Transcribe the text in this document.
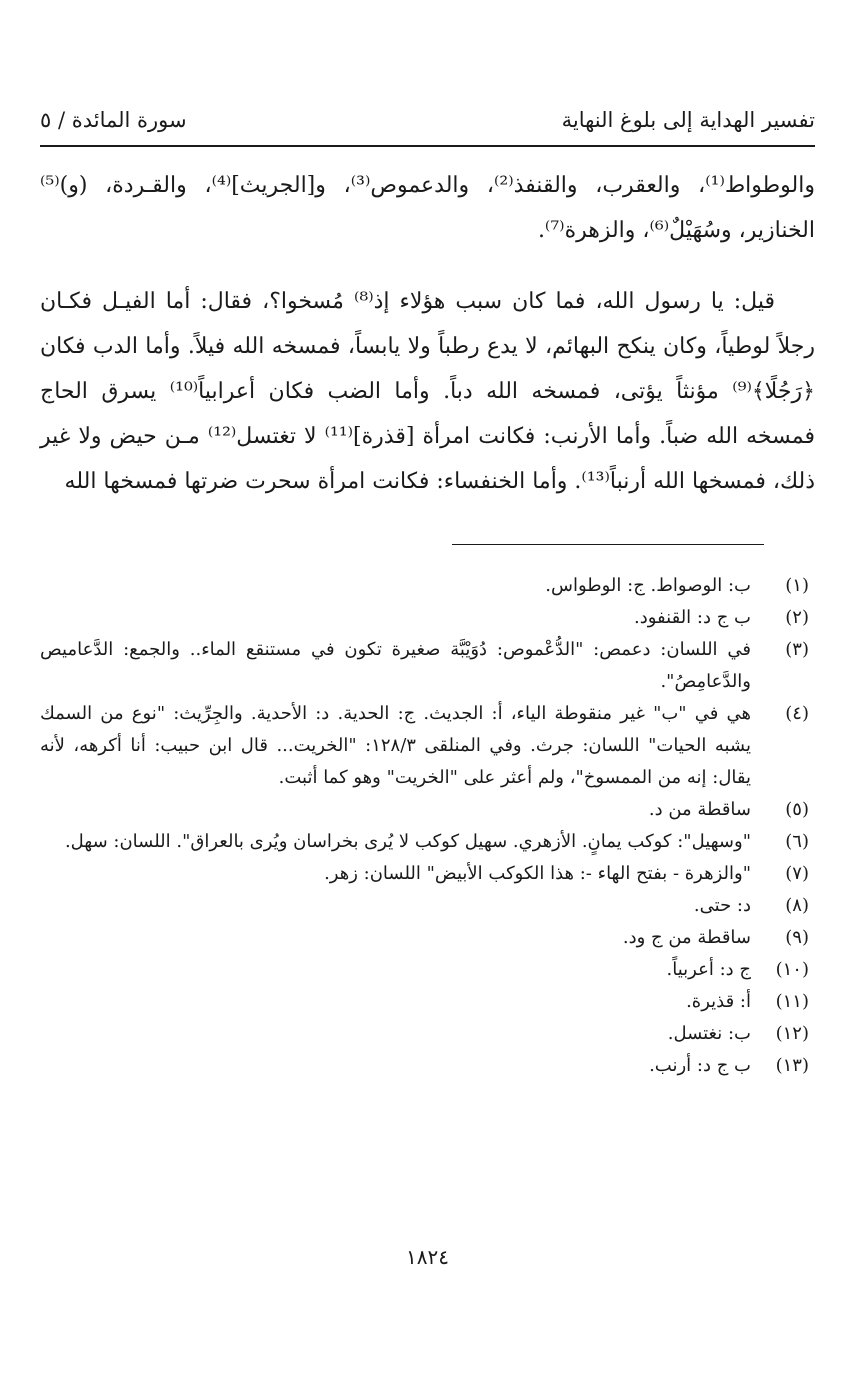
تفسير الهداية إلى بلوغ النهاية
سورة المائدة / ٥

والوطواط⁽¹⁾، والعقرب، والقنفذ⁽²⁾، والدعموص⁽³⁾، و[الجريث]⁽⁴⁾، والقـردة، (و)⁽⁵⁾ الخنازير، وسُهَيْلٌ⁽⁶⁾، والزهرة⁽⁷⁾.

قيل: يا رسول الله، فما كان سبب هؤلاء إذ⁽⁸⁾ مُسخوا؟، فقال: أما الفيـل فكـان رجلاً لوطياً، وكان ينكح البهائم، لا يدع رطباً ولا يابساً، فمسخه الله فيلاً. وأما الدب فكان ﴿رَجُلًا﴾⁽⁹⁾ مؤنثاً يؤتى، فمسخه الله دباً. وأما الضب فكان أعرابياً⁽¹⁰⁾ يسرق الحاج فمسخه الله ضباً. وأما الأرنب: فكانت امرأة [قذرة]⁽¹¹⁾ لا تغتسل⁽¹²⁾ مـن حيض ولا غير ذلك، فمسخها الله أرنباً⁽¹³⁾. وأما الخنفساء: فكانت امرأة سحرت ضرتها فمسخها الله

(١)
ب: الوصواط. ج: الوطواس.
(٢)
ب ج د: القنفود.
(٣)
في اللسان: دعمص: "الدُّعْموص: دُوَيْبَّة صغيرة تكون في مستنقع الماء.. والجمع: الدَّعاميص والدَّعامِصُ".
(٤)
هي في "ب" غير منقوطة الياء، أ: الجديث. ج: الحدية. د: الأحدية. والجِرِّيث: "نوع من السمك يشبه الحيات" اللسان: جرث. وفي المنلقى ١٢٨/٣: "الخريت... قال ابن حبيب: أنا أكرهه، لأنه يقال: إنه من الممسوخ"، ولم أعثر على "الخريت" وهو كما أثبت.
(٥)
ساقطة من د.
(٦)
"وسهيل": كوكب يمانٍ. الأزهري. سهيل كوكب لا يُرى بخراسان ويُرى بالعراق". اللسان: سهل.
(٧)
"والزهرة - بفتح الهاء -: هذا الكوكب الأبيض" اللسان: زهر.
(٨)
د: حتى.
(٩)
ساقطة من ج ود.
(١٠)
ج د: أعربياً.
(١١)
أ: قذيرة.
(١٢)
ب: نغتسل.
(١٣)
ب ج د: أرنب.
١٨٢٤
